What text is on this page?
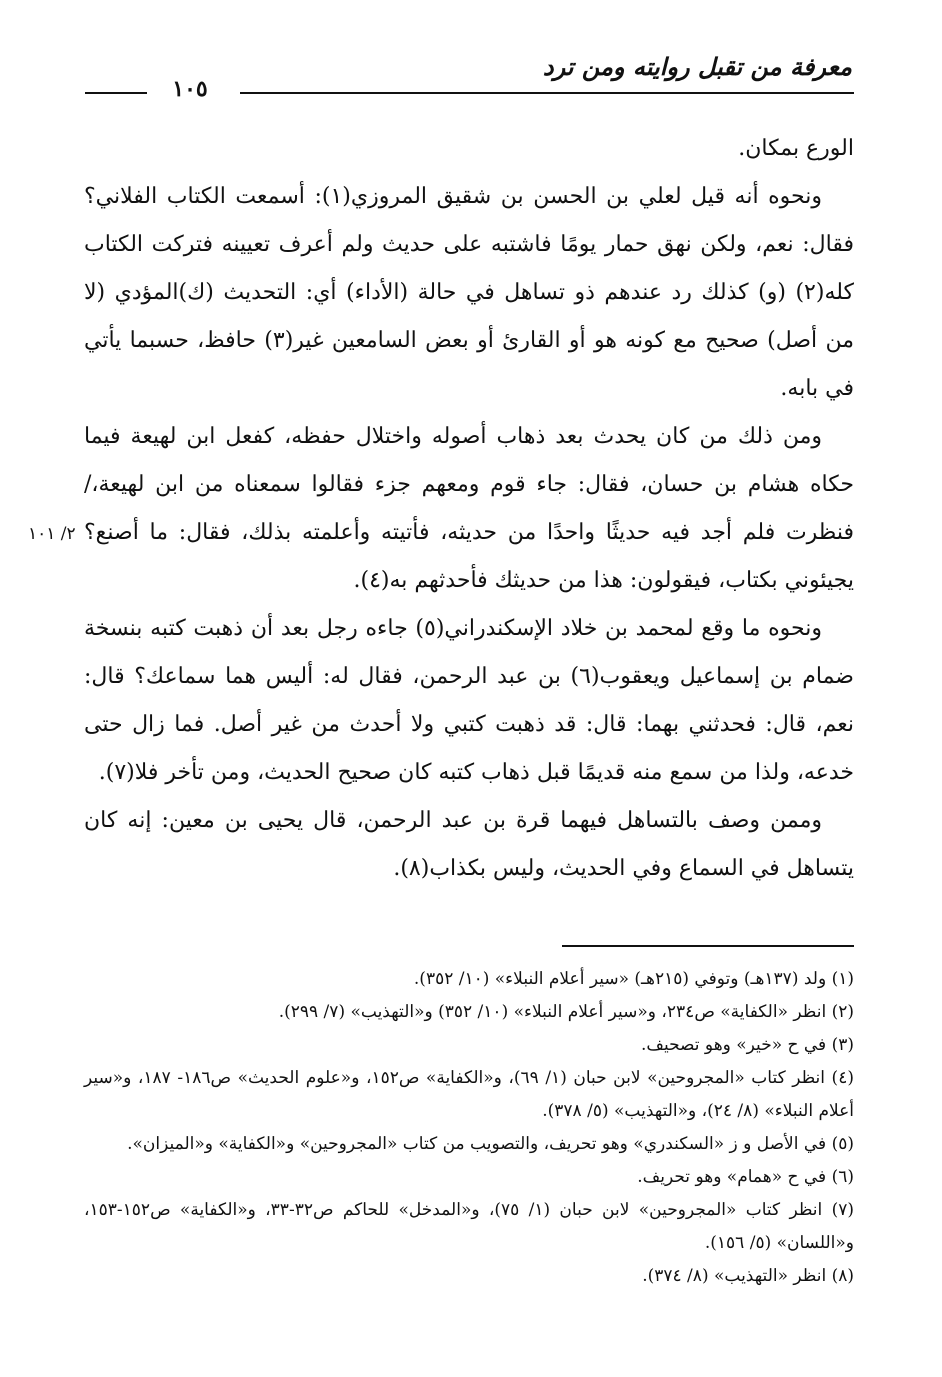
معرفة من تقبل روايته ومن ترد
١٠٥
٢/ ١٠١

الورع بمكان.

ونحوه أنه قيل لعلي بن الحسن بن شقيق المروزي(١): أسمعت الكتاب الفلاني؟ فقال: نعم، ولكن نهق حمار يومًا فاشتبه على حديث ولم أعرف تعيينه فتركت الكتاب كله(٢) (و) كذلك رد عندهم ذو تساهل في حالة (الأداء) أي: التحديث (ك)المؤدي (لا من أصل) صحيح مع كونه هو أو القارئ أو بعض السامعين غير(٣) حافظ، حسبما يأتي في بابه.

ومن ذلك من كان يحدث بعد ذهاب أصوله واختلال حفظه، كفعل ابن لهيعة فيما حكاه هشام بن حسان، فقال: جاء قوم ومعهم جزء فقالوا سمعناه من ابن لهيعة،/ فنظرت فلم أجد فيه حديثًا واحدًا من حديثه، فأتيته وأعلمته بذلك، فقال: ما أصنع؟ يجيئوني بكتاب، فيقولون: هذا من حديثك فأحدثهم به(٤).

ونحوه ما وقع لمحمد بن خلاد الإسكندراني(٥) جاءه رجل بعد أن ذهبت كتبه بنسخة ضمام بن إسماعيل ويعقوب(٦) بن عبد الرحمن، فقال له: أليس هما سماعك؟ قال: نعم، قال: فحدثني بهما: قال: قد ذهبت كتبي ولا أحدث من غير أصل. فما زال حتى خدعه، ولذا من سمع منه قديمًا قبل ذهاب كتبه كان صحيح الحديث، ومن تأخر فلا(٧).

وممن وصف بالتساهل فيهما قرة بن عبد الرحمن، قال يحيى بن معين: إنه كان يتساهل في السماع وفي الحديث، وليس بكذاب(٨).

(١) ولد (١٣٧هـ) وتوفي (٢١٥هـ) «سير أعلام النبلاء» (١٠/ ٣٥٢).

(٢) انظر «الكفاية» ص٢٣٤، و«سير أعلام النبلاء» (١٠/ ٣٥٢) و«التهذيب» (٧/ ٢٩٩).

(٣) في ح «خير» وهو تصحيف.

(٤) انظر كتاب «المجروحين» لابن حبان (١/ ٦٩)، و«الكفاية» ص١٥٢، و«علوم الحديث» ص١٨٦- ١٨٧، و«سير أعلام النبلاء» (٨/ ٢٤)، و«التهذيب» (٥/ ٣٧٨).

(٥) في الأصل و ز «السكندري» وهو تحريف، والتصويب من كتاب «المجروحين» و«الكفاية» و«الميزان».

(٦) في ح «همام» وهو تحريف.

(٧) انظر كتاب «المجروحين» لابن حبان (١/ ٧٥)، و«المدخل» للحاكم ص٣٢-٣٣، و«الكفاية» ص١٥٢-١٥٣، و«اللسان» (٥/ ١٥٦).

(٨) انظر «التهذيب» (٨/ ٣٧٤).
